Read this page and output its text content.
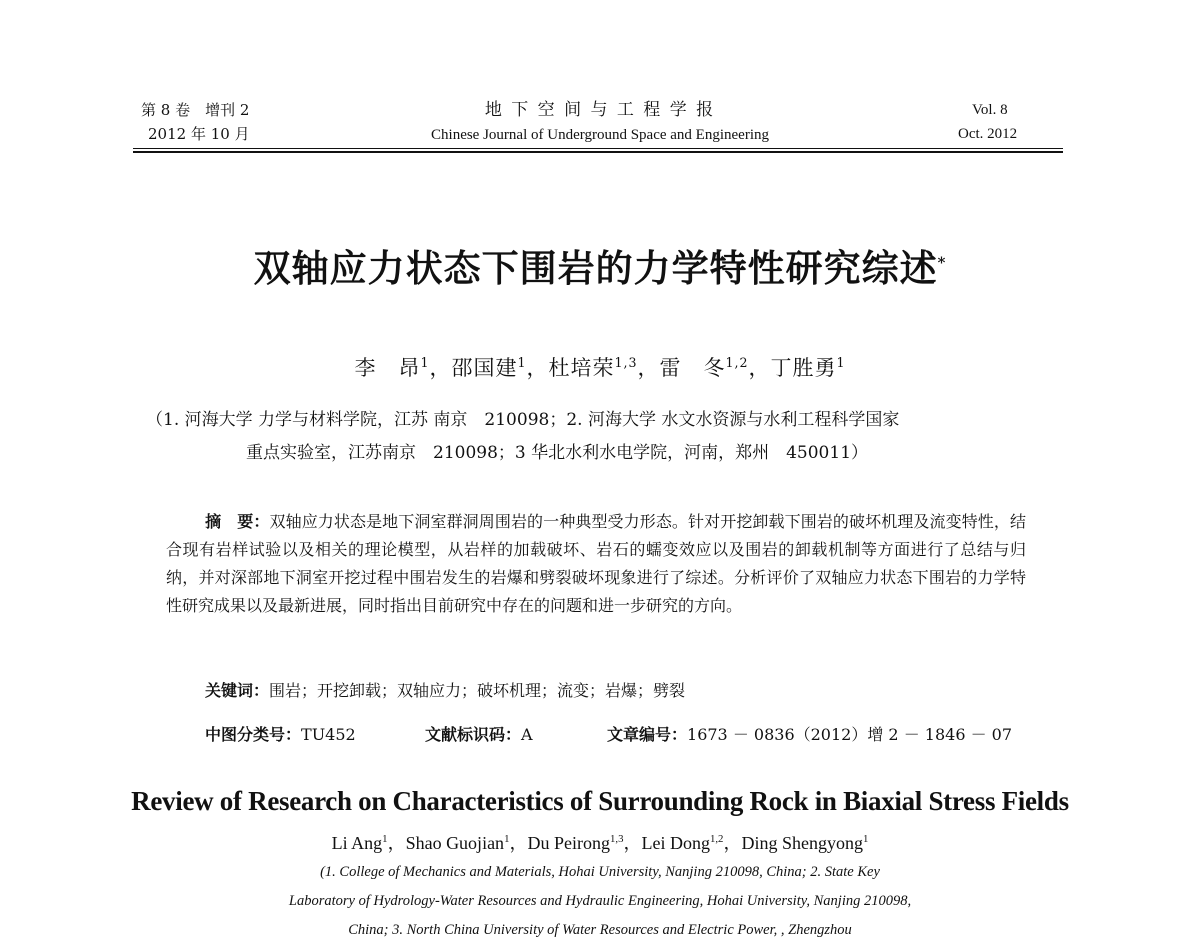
第 8 卷　增刊 2
2012 年 10 月
地 下 空 间 与 工 程 学 报
Chinese Journal of Underground Space and Engineering
Vol. 8
Oct. 2012
双轴应力状态下围岩的力学特性研究综述*
李　昂$^1$，邵国建$^1$，杜培荣$^{1,3}$，雷　冬$^{1,2}$，丁胜勇$^1$
（1. 河海大学 力学与材料学院，江苏 南京　210098；2. 河海大学 水文水资源与水利工程科学国家
重点实验室，江苏南京　210098；3 华北水利水电学院，河南，郑州　450011）
摘　要：双轴应力状态是地下洞室群洞周围岩的一种典型受力形态。针对开挖卸载下围岩的破坏机理及流变特性，结合现有岩样试验以及相关的理论模型，从岩样的加载破坏、岩石的蠕变效应以及围岩的卸载机制等方面进行了总结与归纳，并对深部地下洞室开挖过程中围岩发生的岩爆和劈裂破坏现象进行了综述。分析评价了双轴应力状态下围岩的力学特性研究成果以及最新进展，同时指出目前研究中存在的问题和进一步研究的方向。
关键词：围岩；开挖卸载；双轴应力；破坏机理；流变；岩爆；劈裂
中图分类号：TU452	文献标识码：A	文章编号：1673 － 0836（2012）增 2 － 1846 － 07
Review of Research on Characteristics of Surrounding Rock in Biaxial Stress Fields
Li Ang$^1$，Shao Guojian$^1$，Du Peirong$^{1,3}$，Lei Dong$^{1,2}$，Ding Shengyong$^1$
(1. College of Mechanics and Materials, Hohai University, Nanjing 210098, China; 2. State Key
Laboratory of Hydrology-Water Resources and Hydraulic Engineering, Hohai University, Nanjing 210098,
China; 3. North China University of Water Resources and Electric Power, , Zhengzhou
